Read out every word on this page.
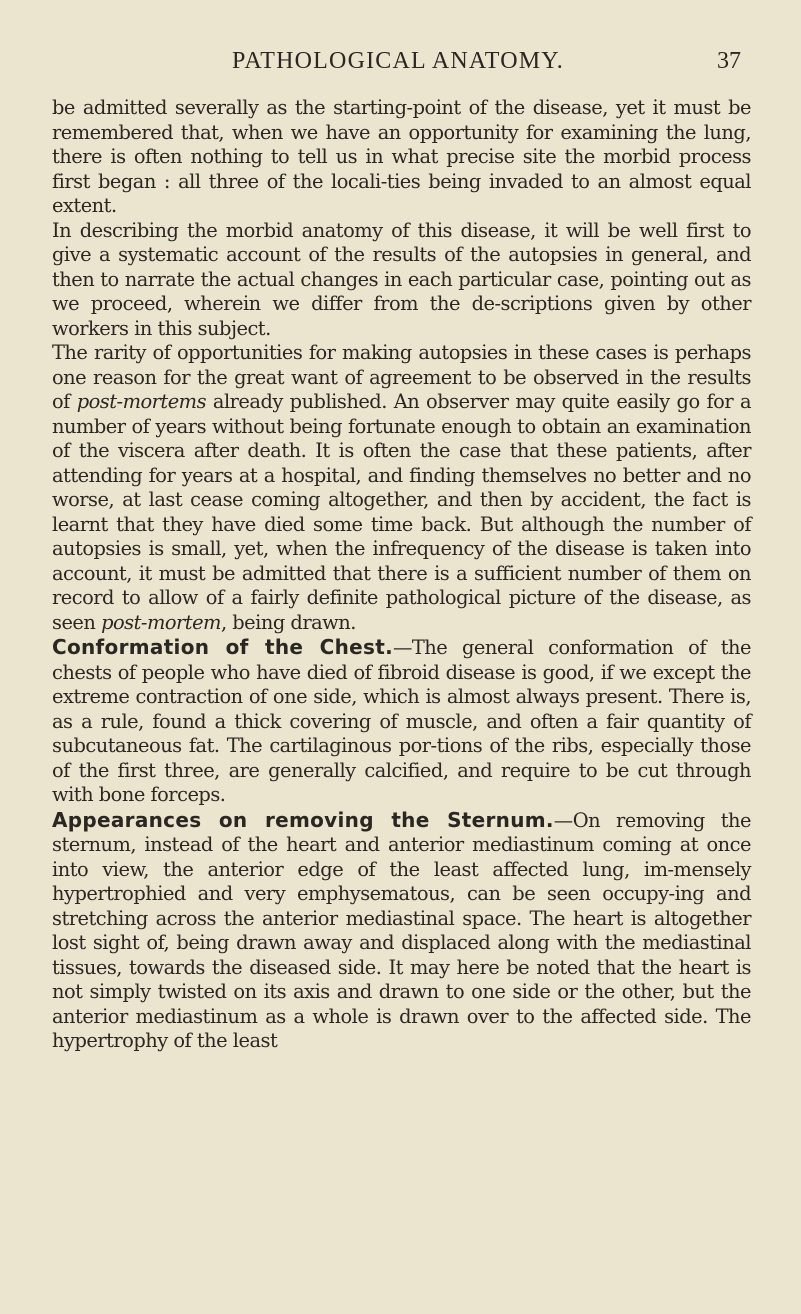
PATHOLOGICAL ANATOMY.	37

be admitted severally as the starting-point of the disease, yet it must be remembered that, when we have an opportunity for examining the lung, there is often nothing to tell us in what precise site the morbid process first began : all three of the locali-ties being invaded to an almost equal extent.

In describing the morbid anatomy of this disease, it will be well first to give a systematic account of the results of the autopsies in general, and then to narrate the actual changes in each particular case, pointing out as we proceed, wherein we differ from the de-scriptions given by other workers in this subject.

The rarity of opportunities for making autopsies in these cases is perhaps one reason for the great want of agreement to be observed in the results of post-mortems already published. An observer may quite easily go for a number of years without being fortunate enough to obtain an examination of the viscera after death. It is often the case that these patients, after attending for years at a hospital, and finding themselves no better and no worse, at last cease coming altogether, and then by accident, the fact is learnt that they have died some time back. But although the number of autopsies is small, yet, when the infrequency of the disease is taken into account, it must be admitted that there is a sufficient number of them on record to allow of a fairly definite pathological picture of the disease, as seen post-mortem, being drawn.

Conformation of the Chest.—The general conformation of the chests of people who have died of fibroid disease is good, if we except the extreme contraction of one side, which is almost always present. There is, as a rule, found a thick covering of muscle, and often a fair quantity of subcutaneous fat. The cartilaginous por-tions of the ribs, especially those of the first three, are generally calcified, and require to be cut through with bone forceps.

Appearances on removing the Sternum.—On removing the sternum, instead of the heart and anterior mediastinum coming at once into view, the anterior edge of the least affected lung, im-mensely hypertrophied and very emphysematous, can be seen occupy-ing and stretching across the anterior mediastinal space. The heart is altogether lost sight of, being drawn away and displaced along with the mediastinal tissues, towards the diseased side. It may here be noted that the heart is not simply twisted on its axis and drawn to one side or the other, but the anterior mediastinum as a whole is drawn over to the affected side. The hypertrophy of the least
